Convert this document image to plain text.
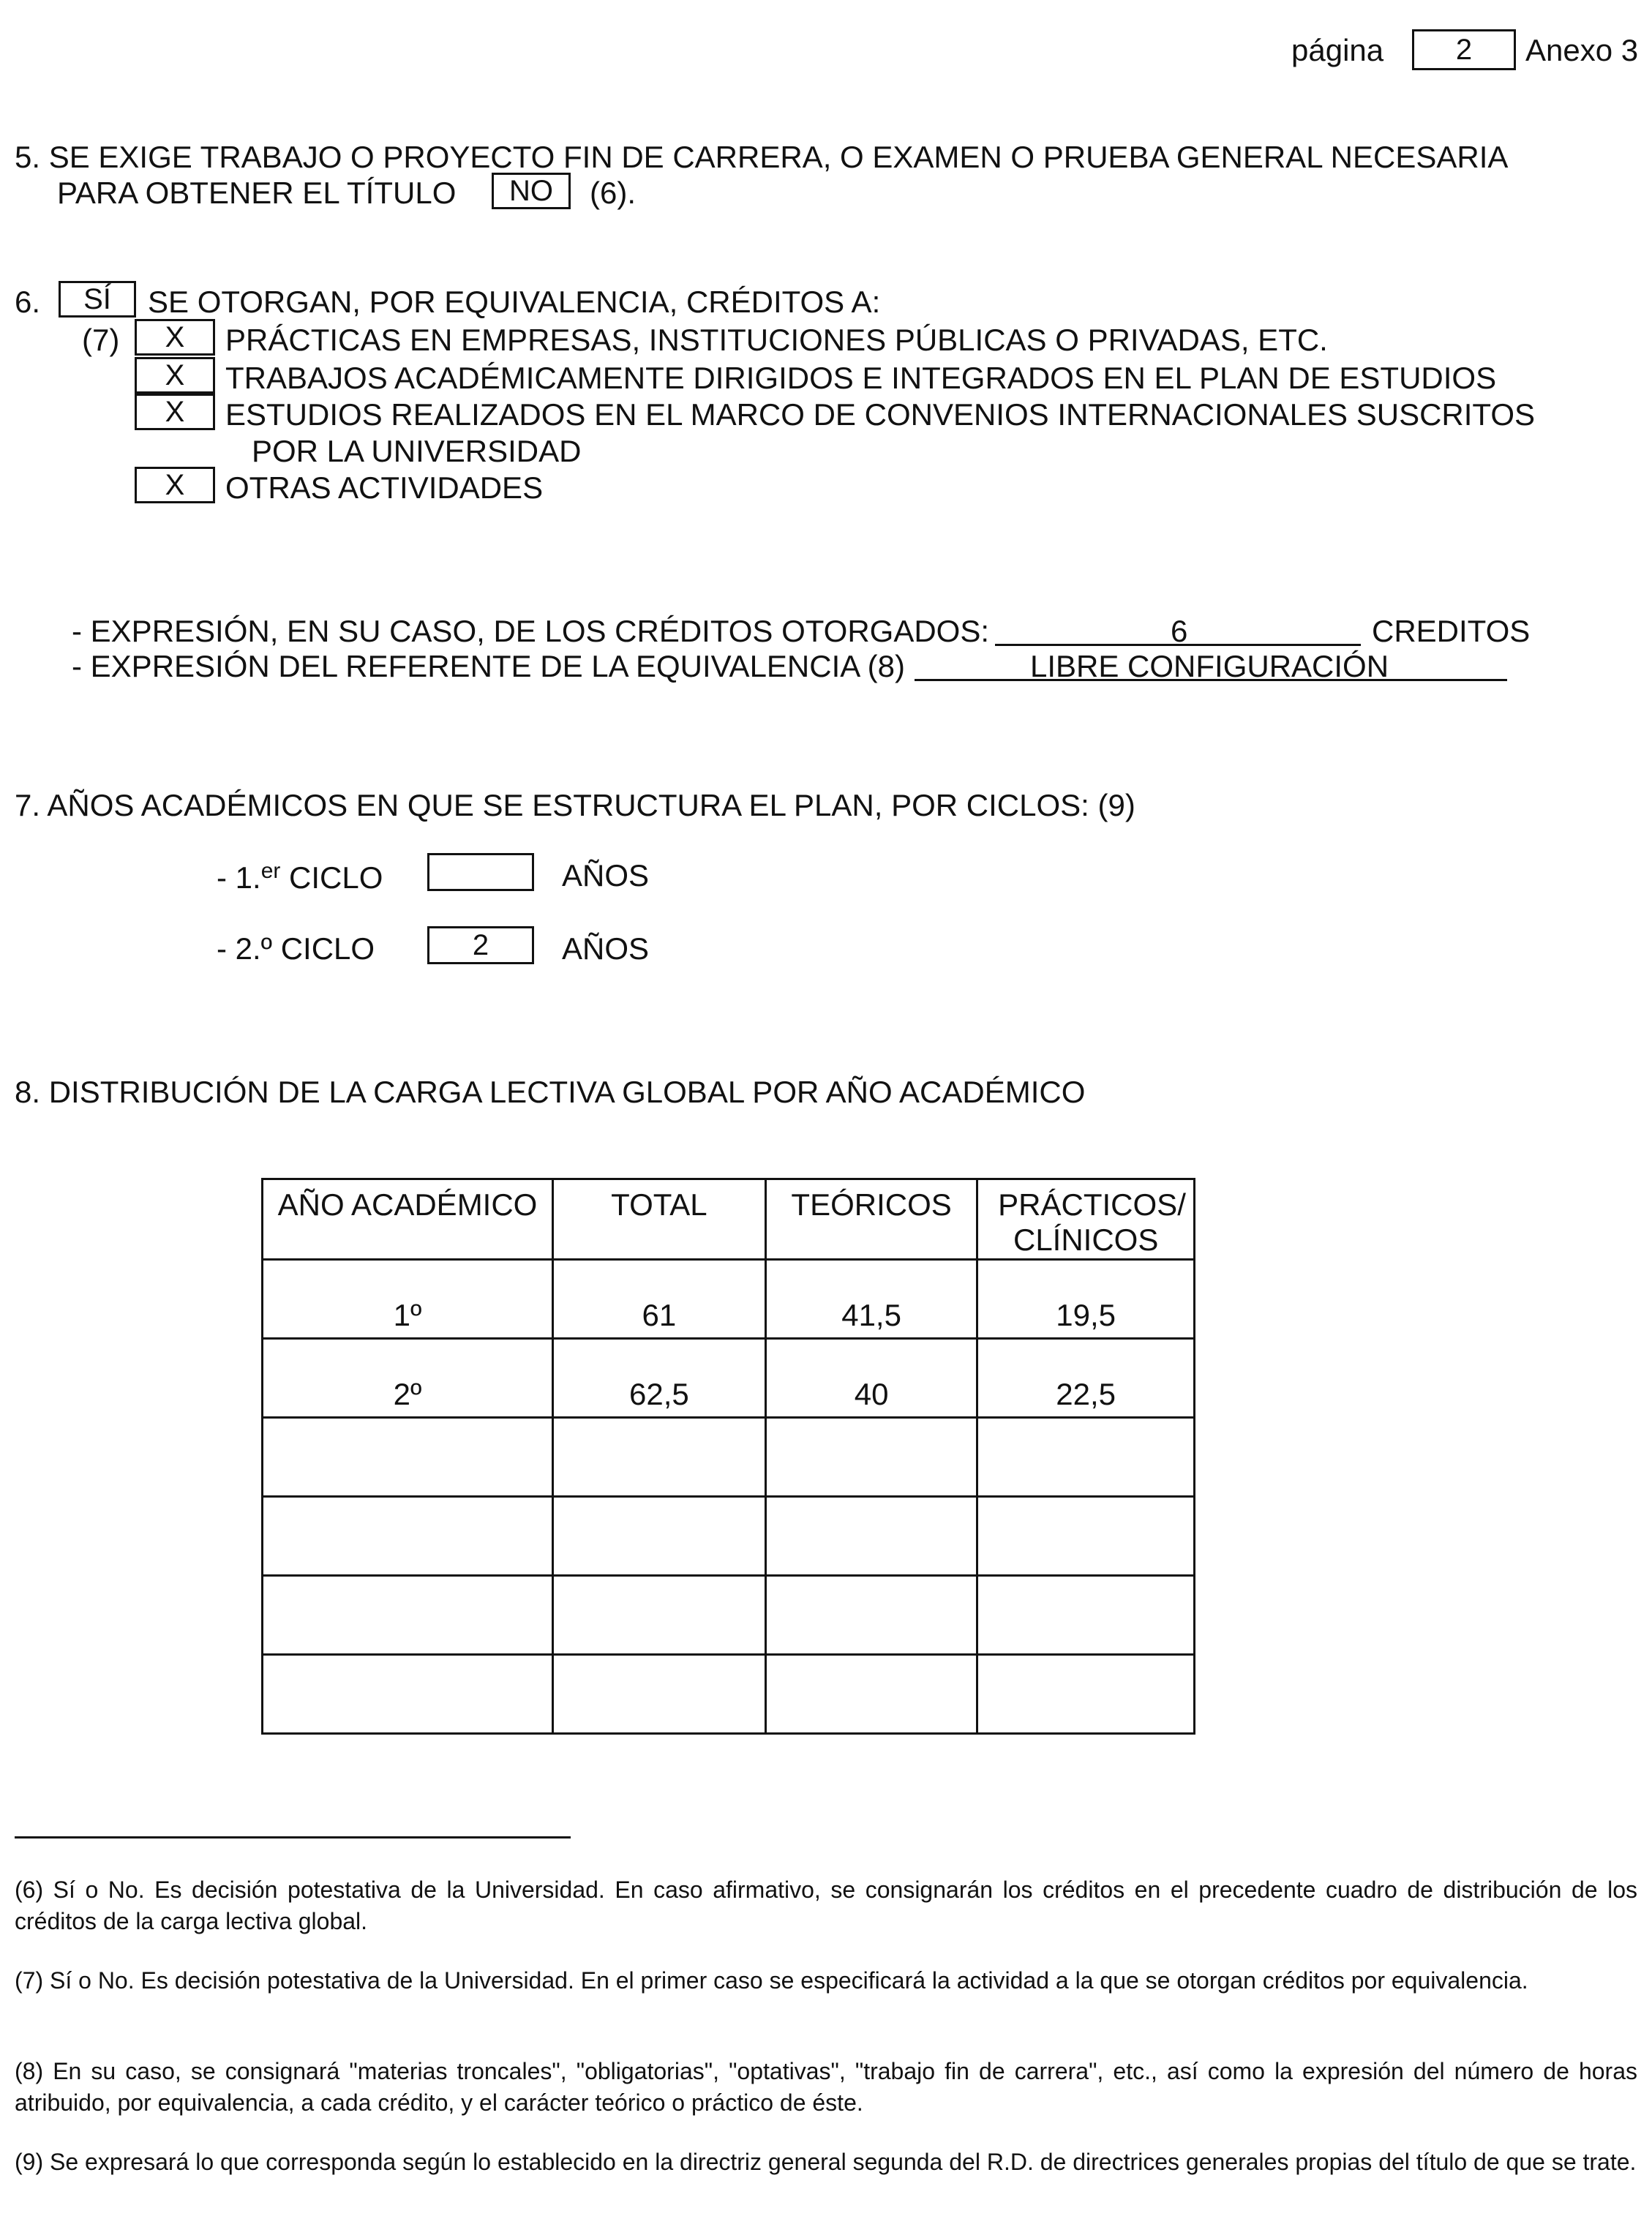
página 2 Anexo 3
5. SE EXIGE TRABAJO O PROYECTO FIN DE CARRERA, O EXAMEN O PRUEBA GENERAL NECESARIA
PARA OBTENER EL TÍTULO NO (6).
6. SÍ SE OTORGAN, POR EQUIVALENCIA, CRÉDITOS A:
(7) X PRÁCTICAS EN EMPRESAS, INSTITUCIONES PÚBLICAS O PRIVADAS, ETC.
X TRABAJOS ACADÉMICAMENTE DIRIGIDOS E INTEGRADOS EN EL PLAN DE ESTUDIOS
X ESTUDIOS REALIZADOS EN EL MARCO DE CONVENIOS INTERNACIONALES SUSCRITOS
POR LA UNIVERSIDAD
X OTRAS ACTIVIDADES
- EXPRESIÓN, EN SU CASO, DE LOS CRÉDITOS OTORGADOS:	6	CREDITOS
- EXPRESIÓN DEL REFERENTE DE LA EQUIVALENCIA (8)	LIBRE CONFIGURACIÓN
7. AÑOS ACADÉMICOS EN QUE SE ESTRUCTURA EL PLAN, POR CICLOS: (9)
- 1.$^{er}$ CICLO	AÑOS
- 2.º CICLO	2 AÑOS
8. DISTRIBUCIÓN DE LA CARGA LECTIVA GLOBAL POR AÑO ACADÉMICO
AÑO ACADÉMICO	TOTAL	TEÓRICOS	PRÁCTICOS/ CLÍNICOS
1º	61	41,5	19,5
2º	62,5	40	22,5

(6) Sí o No. Es decisión potestativa de la Universidad. En caso afirmativo, se consignarán los créditos en el precedente cuadro de distribución de los créditos de la carga lectiva global.
(7) Sí o No. Es decisión potestativa de la Universidad. En el primer caso se especificará la actividad a la que se otorgan créditos por equivalencia.
(8) En su caso, se consignará "materias troncales", "obligatorias", "optativas", "trabajo fin de carrera", etc., así como la expresión del número de horas atribuido, por equivalencia, a cada crédito, y el carácter teórico o práctico de éste.
(9) Se expresará lo que corresponda según lo establecido en la directriz general segunda del R.D. de directrices generales propias del título de que se trate.
